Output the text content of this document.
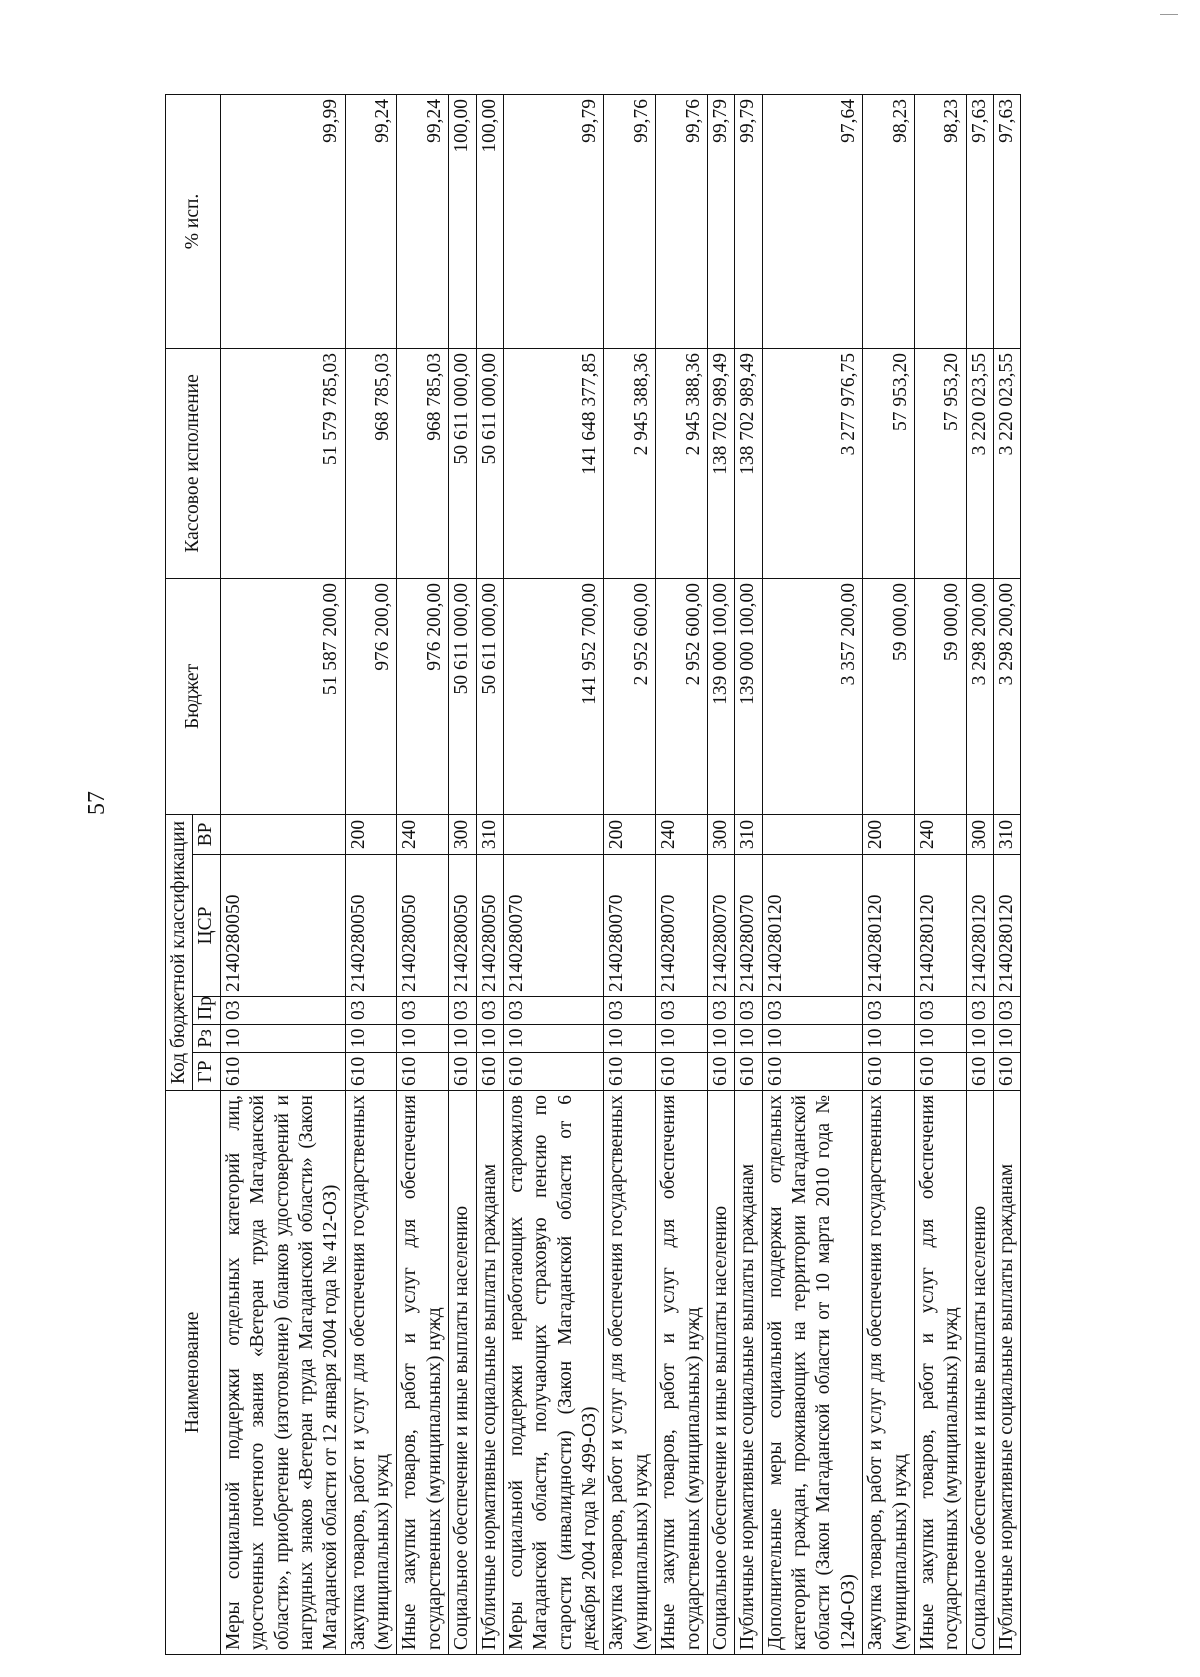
57
Наименование	Код бюджетной классификации					Бюджет	Кассовое исполнение	% исп.
	ГР	Рз	Пр	ЦСР	ВР			
Меры социальной поддержки отдельных категорий лиц, удостоенных почетного звания «Ветеран труда Магаданской области», приобретение (изготовление) бланков удостоверений и нагрудных знаков «Ветеран труда Магаданской области» (Закон Магаданской области от 12 января 2004 года № 412-ОЗ)	610	10	03	2140280050		51 587 200,00	51 579 785,03	99,99
Закупка товаров, работ и услуг для обеспечения государственных (муниципальных) нужд	610	10	03	2140280050	200	976 200,00	968 785,03	99,24
Иные закупки товаров, работ и услуг для обеспечения государственных (муниципальных) нужд	610	10	03	2140280050	240	976 200,00	968 785,03	99,24
Социальное обеспечение и иные выплаты населению	610	10	03	2140280050	300	50 611 000,00	50 611 000,00	100,00
Публичные нормативные социальные выплаты гражданам	610	10	03	2140280050	310	50 611 000,00	50 611 000,00	100,00
Меры социальной поддержки неработающих старожилов Магаданской области, получающих страховую пенсию по старости (инвалидности) (Закон Магаданской области от 6 декабря 2004 года № 499-ОЗ)	610	10	03	2140280070		141 952 700,00	141 648 377,85	99,79
Закупка товаров, работ и услуг для обеспечения государственных (муниципальных) нужд	610	10	03	2140280070	200	2 952 600,00	2 945 388,36	99,76
Иные закупки товаров, работ и услуг для обеспечения государственных (муниципальных) нужд	610	10	03	2140280070	240	2 952 600,00	2 945 388,36	99,76
Социальное обеспечение и иные выплаты населению	610	10	03	2140280070	300	139 000 100,00	138 702 989,49	99,79
Публичные нормативные социальные выплаты гражданам	610	10	03	2140280070	310	139 000 100,00	138 702 989,49	99,79
Дополнительные меры социальной поддержки отдельных категорий граждан, проживающих на территории Магаданской области (Закон Магаданской области от 10 марта 2010 года № 1240-ОЗ)	610	10	03	2140280120		3 357 200,00	3 277 976,75	97,64
Закупка товаров, работ и услуг для обеспечения государственных (муниципальных) нужд	610	10	03	2140280120	200	59 000,00	57 953,20	98,23
Иные закупки товаров, работ и услуг для обеспечения государственных (муниципальных) нужд	610	10	03	2140280120	240	59 000,00	57 953,20	98,23
Социальное обеспечение и иные выплаты населению	610	10	03	2140280120	300	3 298 200,00	3 220 023,55	97,63
Публичные нормативные социальные выплаты гражданам	610	10	03	2140280120	310	3 298 200,00	3 220 023,55	97,63
